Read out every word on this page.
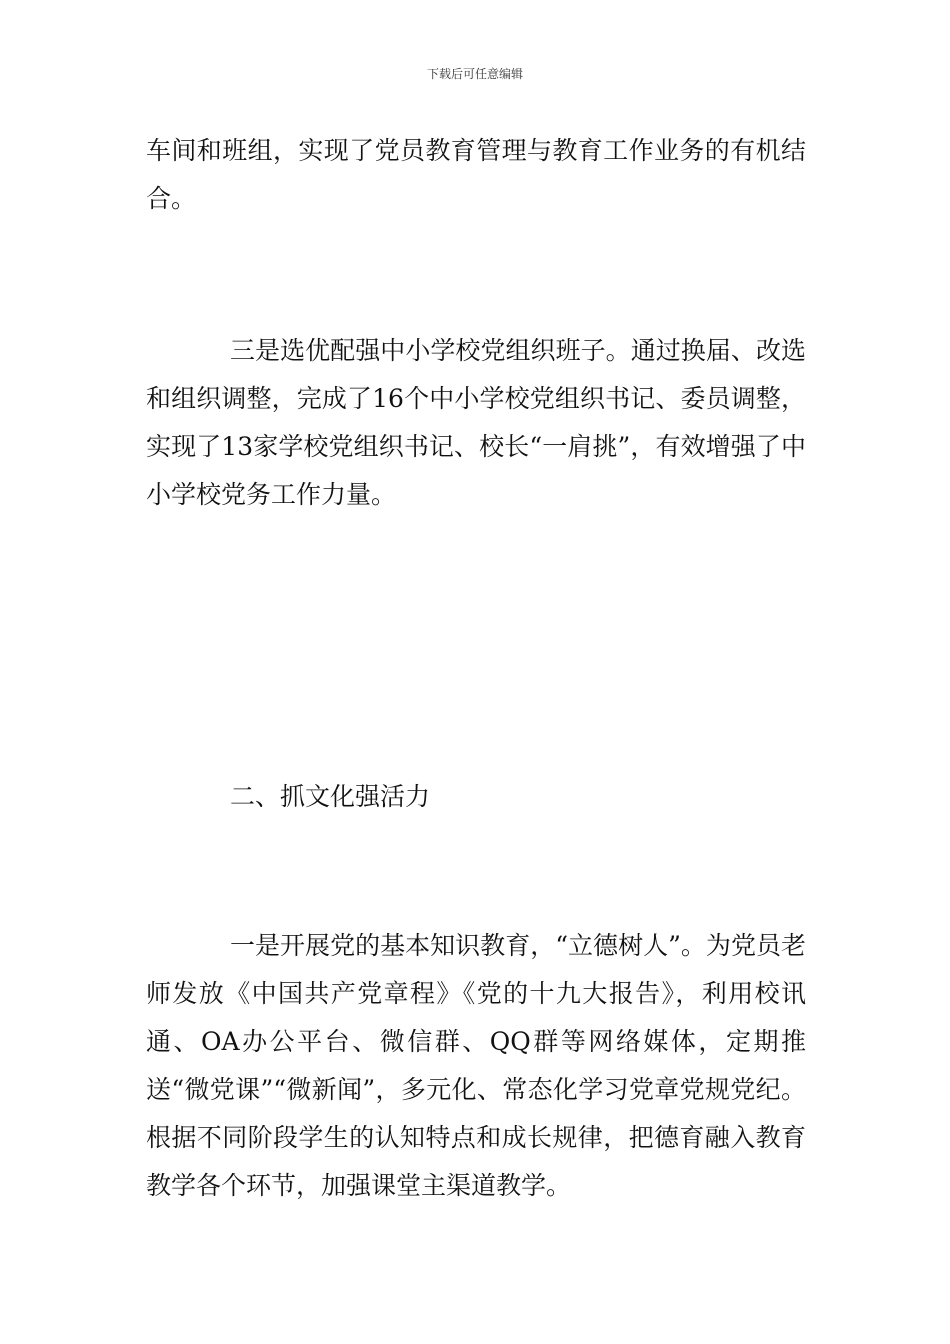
下载后可任意编辑

车间和班组，实现了党员教育管理与教育工作业务的有机结合。

三是选优配强中小学校党组织班子。通过换届、改选和组织调整，完成了16个中小学校党组织书记、委员调整，实现了13家学校党组织书记、校长“一肩挑”，有效增强了中小学校党务工作力量。

二、抓文化强活力

一是开展党的基本知识教育，“立德树人”。为党员老师发放《中国共产党章程》《党的十九大报告》，利用校讯通、OA办公平台、微信群、QQ群等网络媒体，定期推送“微党课”“微新闻”，多元化、常态化学习党章党规党纪。根据不同阶段学生的认知特点和成长规律，把德育融入教育教学各个环节，加强课堂主渠道教学。
